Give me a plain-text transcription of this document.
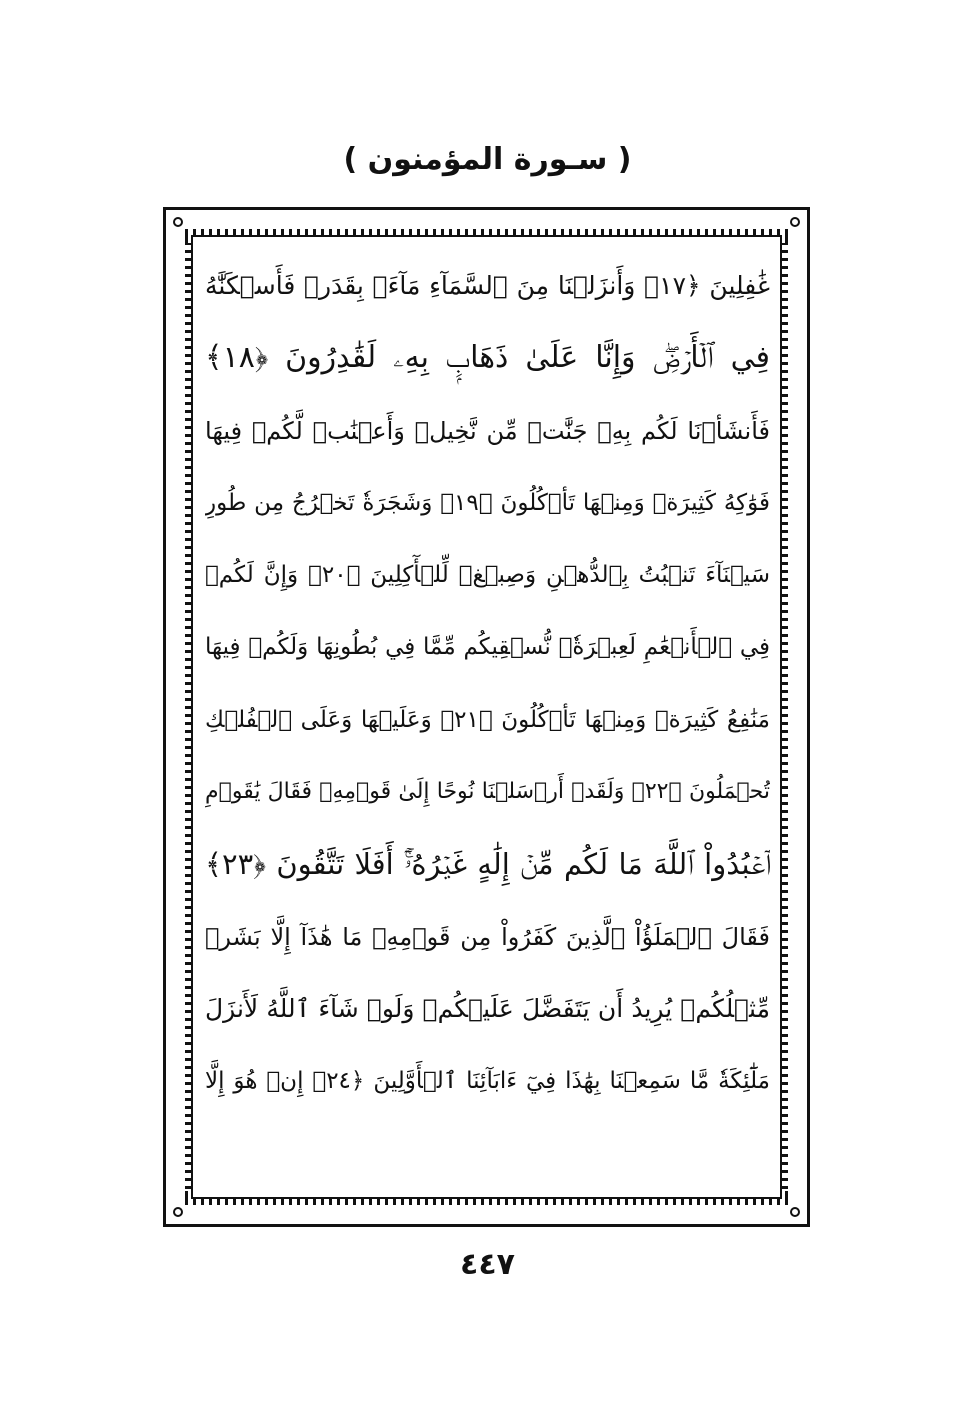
( سـورة المؤمنون )
غَٰفِلِينَ ﴿١٧﴾ وَأَنزَلۡنَا مِنَ ٱلسَّمَآءِ مَآءَۢ بِقَدَرٖ فَأَسۡكَنَّٰهُ
فِي ٱلۡأَرۡضِۖ وَإِنَّا عَلَىٰ ذَهَابِۭ بِهِۦ لَقَٰدِرُونَ ﴿١٨﴾
فَأَنشَأۡنَا لَكُم بِهِۦ جَنَّٰتٖ مِّن نَّخِيلٖ وَأَعۡنَٰبٖ لَّكُمۡ فِيهَا
فَوَٰكِهُ كَثِيرَةٞ وَمِنۡهَا تَأۡكُلُونَ ﴿١٩﴾ وَشَجَرَةٗ تَخۡرُجُ مِن طُورِ
سَيۡنَآءَ تَنۢبُتُ بِٱلدُّهۡنِ وَصِبۡغٖ لِّلۡأٓكِلِينَ ﴿٢٠﴾ وَإِنَّ لَكُمۡ
فِي ٱلۡأَنۡعَٰمِ لَعِبۡرَةٗۖ نُّسۡقِيكُم مِّمَّا فِي بُطُونِهَا وَلَكُمۡ فِيهَا
مَنَٰفِعُ كَثِيرَةٞ وَمِنۡهَا تَأۡكُلُونَ ﴿٢١﴾ وَعَلَيۡهَا وَعَلَى ٱلۡفُلۡكِ
تُحۡمَلُونَ ﴿٢٢﴾ وَلَقَدۡ أَرۡسَلۡنَا نُوحًا إِلَىٰ قَوۡمِهِۦ فَقَالَ يَٰقَوۡمِ
ٱعۡبُدُواْ ٱللَّهَ مَا لَكُم مِّنۡ إِلَٰهٍ غَيۡرُهُۥٓۚ أَفَلَا تَتَّقُونَ ﴿٢٣﴾
فَقَالَ ٱلۡمَلَؤُاْ ٱلَّذِينَ كَفَرُواْ مِن قَوۡمِهِۦ مَا هَٰذَآ إِلَّا بَشَرٞ
مِّثۡلُكُمۡ يُرِيدُ أَن يَتَفَضَّلَ عَلَيۡكُمۡ وَلَوۡ شَآءَ ٱللَّهُ لَأَنزَلَ
مَلَٰٓئِكَةٗ مَّا سَمِعۡنَا بِهَٰذَا فِيٓ ءَابَآئِنَا ٱلۡأَوَّلِينَ ﴿٢٤﴾ إِنۡ هُوَ إِلَّا
٤٤٧
